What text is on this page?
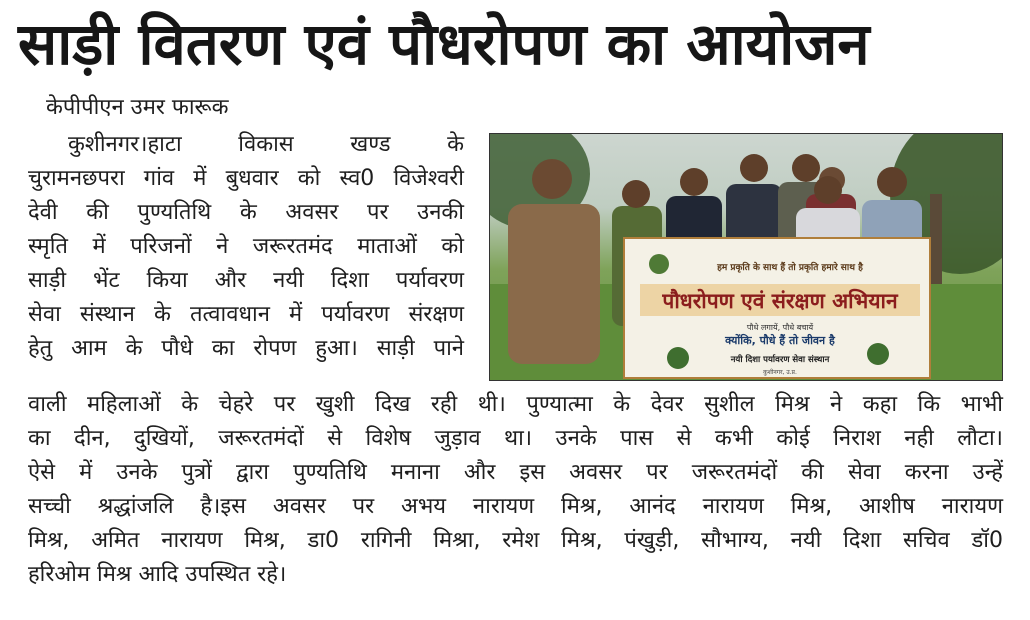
साड़ी वितरण एवं पौधरोपण का आयोजन
केपीपीएन उमर फारूक
कुशीनगर।हाटा विकास खण्ड के
चुरामनछपरा गांव में बुधवार को स्व0 विजेश्वरी
देवी की पुण्यतिथि के अवसर पर उनकी
स्मृति में परिजनों ने जरूरतमंद माताओं को
साड़ी भेंट किया और नयी दिशा पर्यावरण
सेवा संस्थान के तत्वावधान में पर्यावरण संरक्षण
हेतु आम के पौधे का रोपण हुआ। साड़ी पाने
वाली महिलाओं के चेहरे पर खुशी दिख रही थी। पुण्यात्मा के देवर सुशील मिश्र ने कहा कि भाभी
का दीन, दुखियों, जरूरतमंदों से विशेष जुड़ाव था। उनके पास से कभी कोई निराश नही लौटा।
ऐसे में उनके पुत्रों द्वारा पुण्यतिथि मनाना और इस अवसर पर जरूरतमंदों की सेवा करना उन्हें
सच्ची श्रद्धांजलि है।इस अवसर पर अभय नारायण मिश्र, आनंद नारायण मिश्र, आशीष नारायण
मिश्र, अमित नारायण मिश्र, डा0 रागिनी मिश्रा, रमेश मिश्र, पंखुड़ी, सौभाग्य, नयी दिशा सचिव डॉ0
हरिओम मिश्र आदि उपस्थित रहे।
हम प्रकृति के साथ हैं तो प्रकृति हमारे साथ है
पौधरोपण एवं संरक्षण अभियान
पौधे लगायें, पौधे बचायें
क्योंकि, पौधे हैं तो जीवन है
नयी दिशा पर्यावरण सेवा संस्थान
कुशीनगर, उ.प्र.
